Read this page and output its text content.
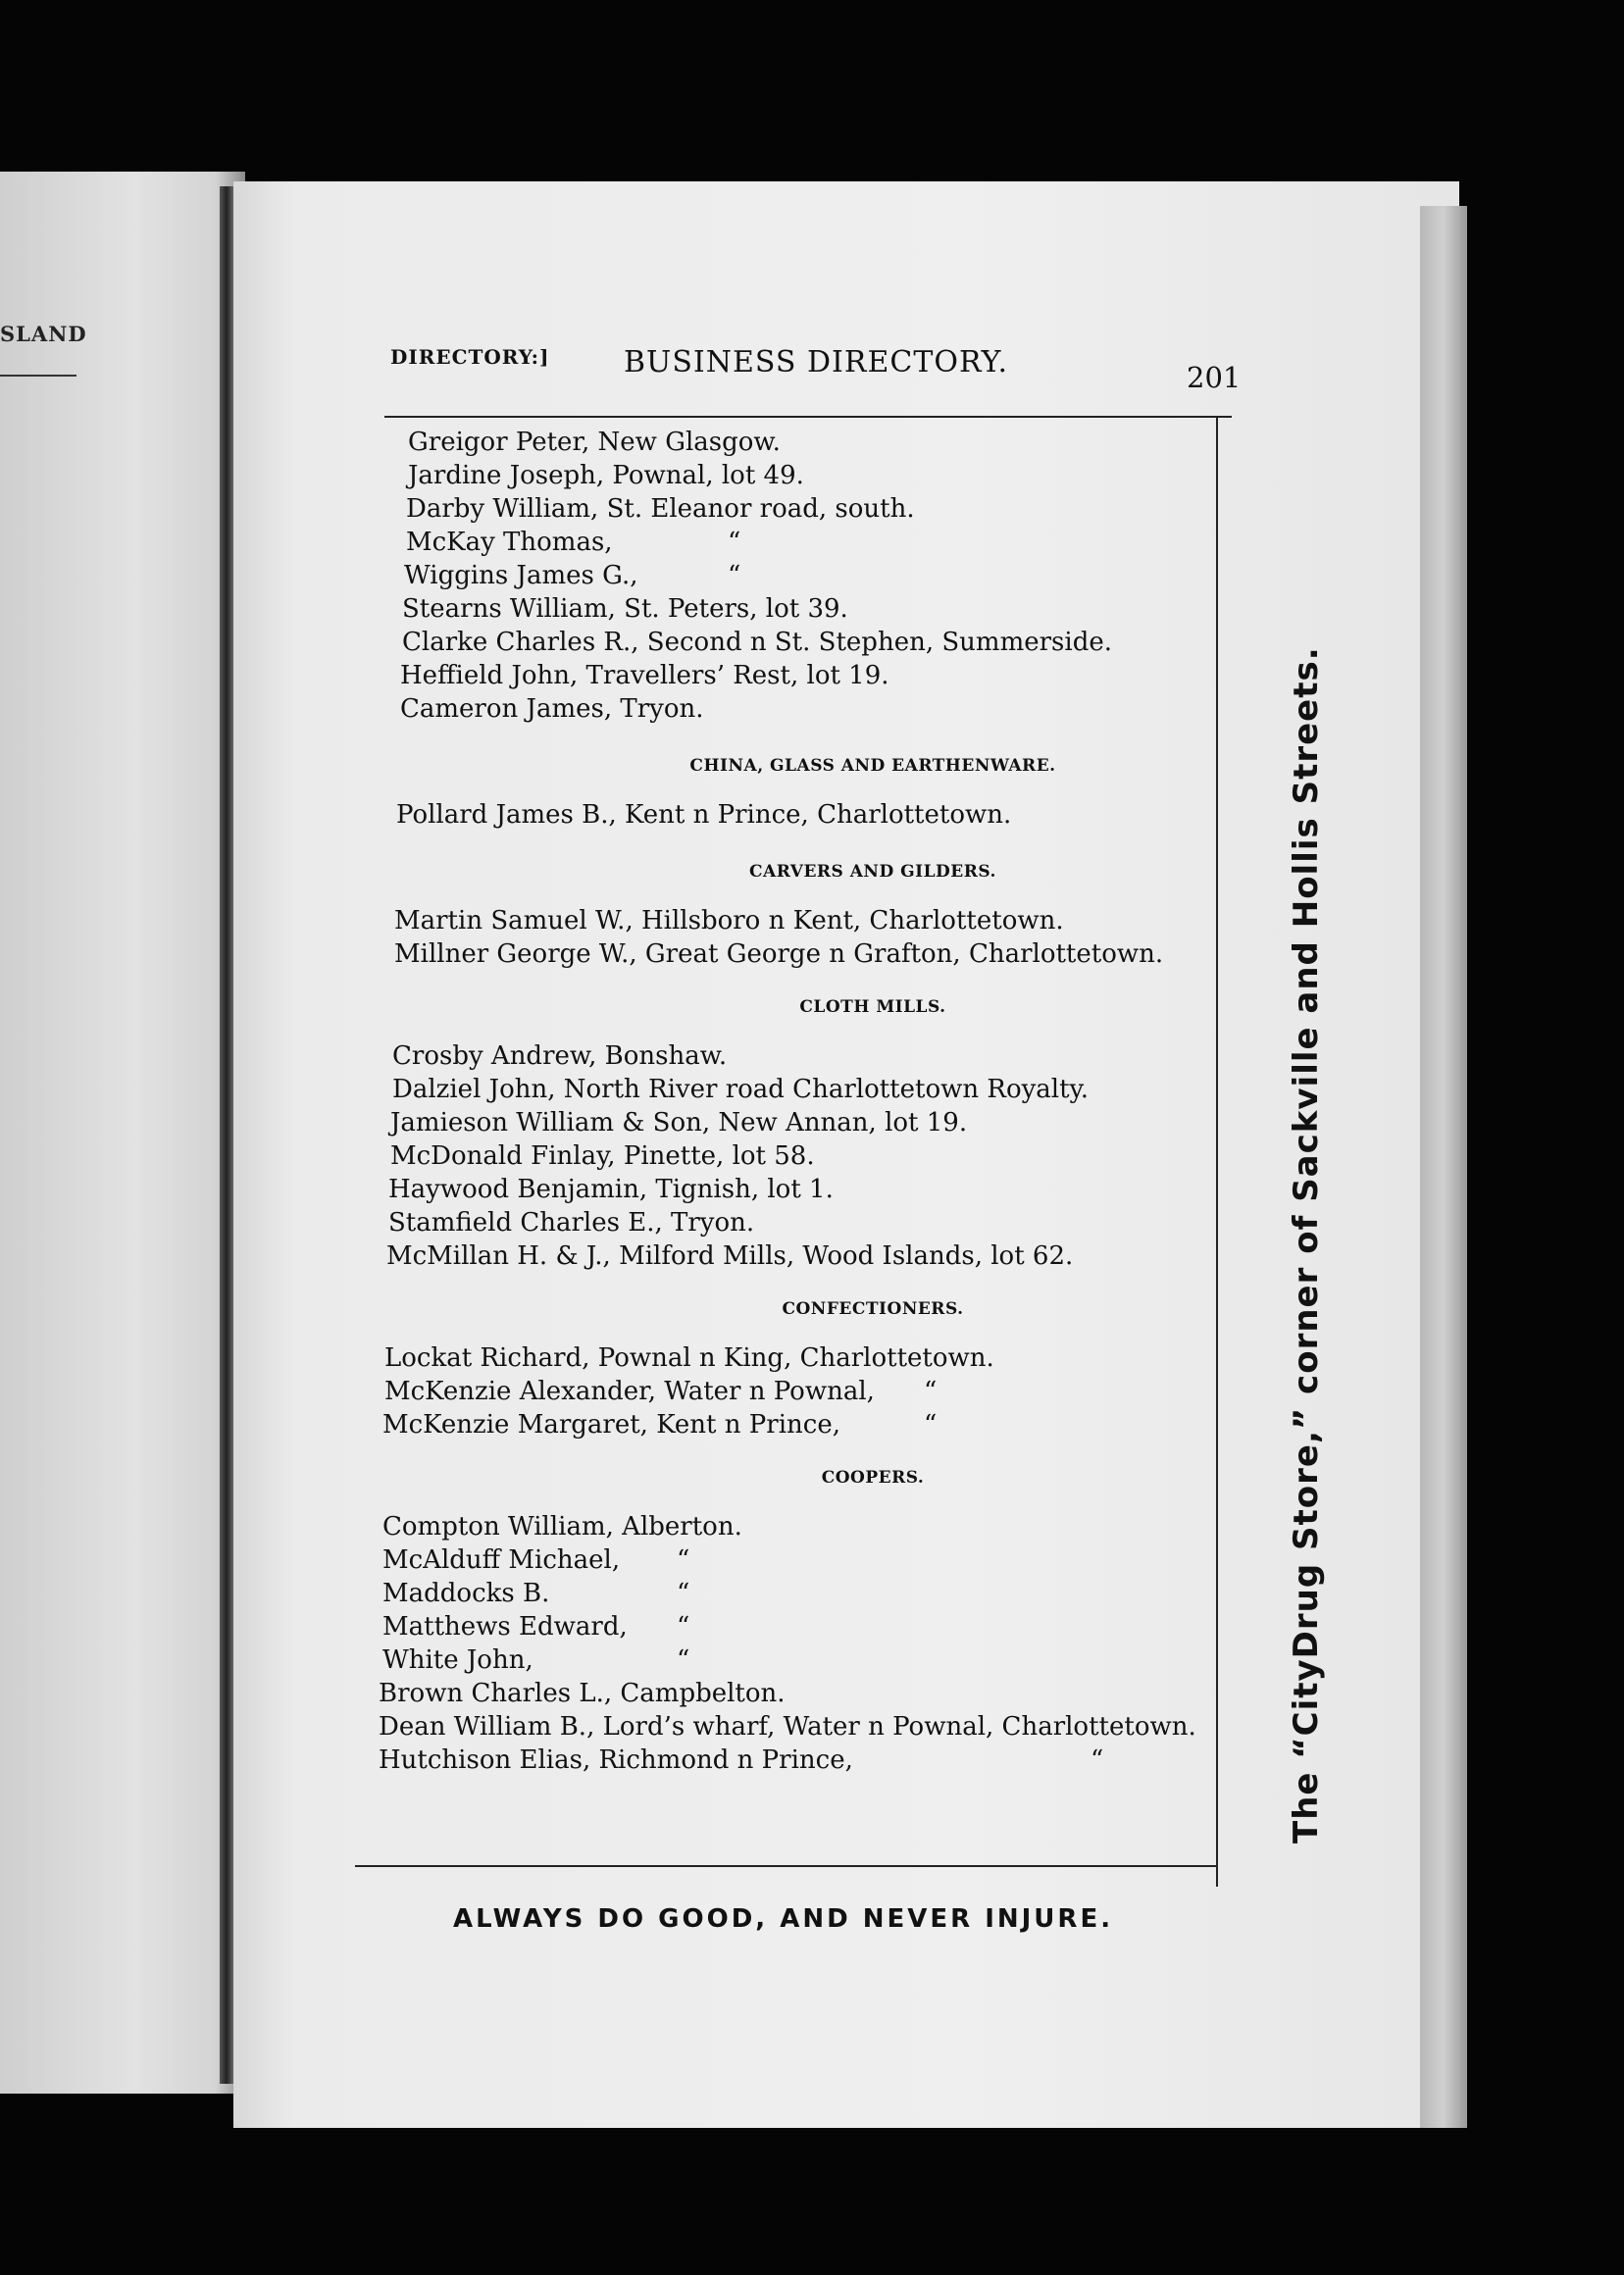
SLAND
DIRECTORY:]	BUSINESS DIRECTORY.	201
Greigor Peter, New Glasgow.
Jardine Joseph, Pownal, lot 49.
Darby William, St. Eleanor road, south.
McKay Thomas,	“
Wiggins James G.,	“
Stearns William, St. Peters, lot 39.
Clarke Charles R., Second n St. Stephen, Summerside.
Heffield John, Travellers’ Rest, lot 19.
Cameron James, Tryon.
CHINA, GLASS AND EARTHENWARE.
Pollard James B., Kent n Prince, Charlottetown.
CARVERS AND GILDERS.
Martin Samuel W., Hillsboro n Kent, Charlottetown.
Millner George W., Great George n Grafton, Charlottetown.
CLOTH MILLS.
Crosby Andrew, Bonshaw.
Dalziel John, North River road Charlottetown Royalty.
Jamieson William & Son, New Annan, lot 19.
McDonald Finlay, Pinette, lot 58.
Haywood Benjamin, Tignish, lot 1.
Stamfield Charles E., Tryon.
McMillan H. & J., Milford Mills, Wood Islands, lot 62.
CONFECTIONERS.
Lockat Richard, Pownal n King, Charlottetown.
McKenzie Alexander, Water n Pownal, “
McKenzie Margaret, Kent n Prince,	“
COOPERS.
Compton William, Alberton.
McAlduff Michael, “
Maddocks B.	“
Matthews Edward, “
White John,	“
Brown Charles L., Campbelton.
Dean William B., Lord’s wharf, Water n Pownal, Charlottetown.
Hutchison Elias, Richmond n Prince,	“
ALWAYS DO GOOD, AND NEVER INJURE.
The “CityDrug Store,” corner of Sackville and Hollis Streets.
